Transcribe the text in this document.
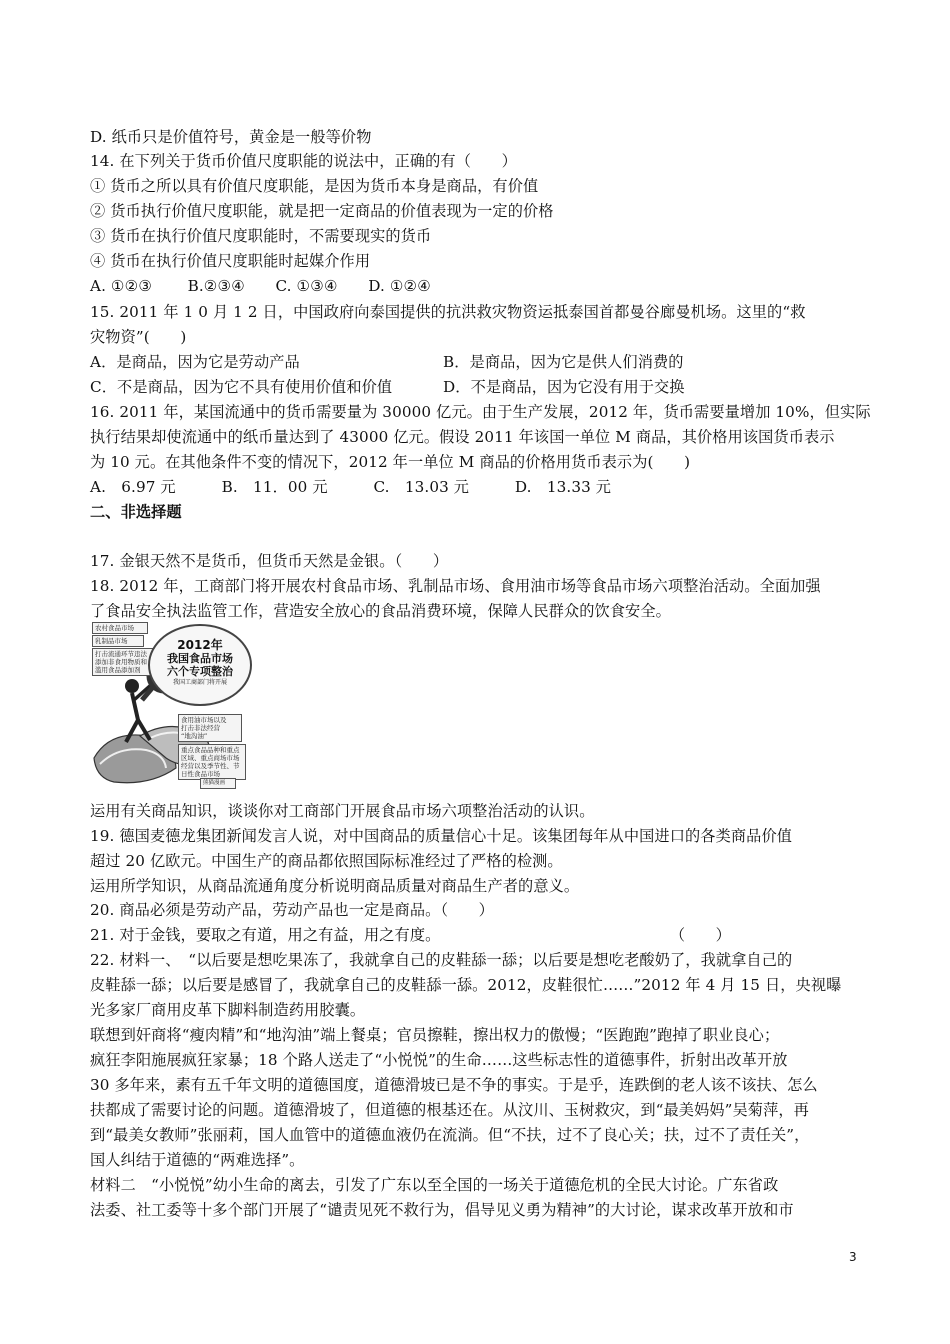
D. 纸币只是价值符号，黄金是一般等价物
14. 在下列关于货币价值尺度职能的说法中，正确的有（　　）
① 货币之所以具有价值尺度职能，是因为货币本身是商品，有价值
② 货币执行价值尺度职能，就是把一定商品的价值表现为一定的价格
③ 货币在执行价值尺度职能时，不需要现实的货币
④ 货币在执行价值尺度职能时起媒介作用
A. ①②③　　 B.②③④　　C. ①③④　　D. ①②④
15. 2011 年 1 0 月 1 2 日，中国政府向泰国提供的抗洪救灾物资运抵泰国首都曼谷廊曼机场。这里的“救
灾物资”(　　)
16. 2011 年，某国流通中的货币需要量为 30000 亿元。由于生产发展，2012 年，货币需要量增加 10%，但实际
执行结果却使流通中的纸币量达到了 43000 亿元。假设 2011 年该国一单位 M 商品，其价格用该国货币表示
为 10 元。在其他条件不变的情况下，2012 年一单位 M 商品的价格用货币表示为(　　)
A.　6.97 元　　　B.　11．00 元　　　C.　13.03 元　　　D.　13.33 元
17. 金银天然不是货币，但货币天然是金银。（　　）
18. 2012 年，工商部门将开展农村食品市场、乳制品市场、食用油市场等食品市场六项整治活动。全面加强
了食品安全执法监管工作，营造安全放心的食品消费环境，保障人民群众的饮食安全。
运用有关商品知识，谈谈你对工商部门开展食品市场六项整治活动的认识。
19. 德国麦德龙集团新闻发言人说，对中国商品的质量信心十足。该集团每年从中国进口的各类商品价值
超过 20 亿欧元。中国生产的商品都依照国际标准经过了严格的检测。
运用所学知识，从商品流通角度分析说明商品质量对商品生产者的意义。
20. 商品必须是劳动产品，劳动产品也一定是商品。（　　）
21. 对于金钱，要取之有道，用之有益，用之有度。　　　　　　　　　　　　　　　　（　　）
22. 材料一、　“以后要是想吃果冻了，我就拿自己的皮鞋舔一舔；以后要是想吃老酸奶了，我就拿自己的
皮鞋舔一舔；以后要是感冒了，我就拿自己的皮鞋舔一舔。2012，皮鞋很忙……”2012 年 4 月 15 日，央视曝
光多家厂商用皮革下脚料制造药用胶囊。
联想到奸商将“瘦肉精”和“地沟油”端上餐桌；官员擦鞋，擦出权力的傲慢；“医跑跑”跑掉了职业良心；
疯狂李阳施展疯狂家暴；18 个路人送走了“小悦悦”的生命……这些标志性的道德事件，折射出改革开放
30 多年来，素有五千年文明的道德国度，道德滑坡已是不争的事实。于是乎，连跌倒的老人该不该扶、怎么
扶都成了需要讨论的问题。道德滑坡了，但道德的根基还在。从汶川、玉树救灾，到“最美妈妈”吴菊萍，再
到“最美女教师”张丽莉，国人血管中的道德血液仍在流淌。但“不扶，过不了良心关；扶，过不了责任关”，
国人纠结于道德的“两难选择”。
材料二　“小悦悦”幼小生命的离去，引发了广东以至全国的一场关于道德危机的全民大讨论。广东省政
法委、社工委等十多个部门开展了“谴责见死不救行为，倡导见义勇为精神”的大讨论，谋求改革开放和市
A．是商品，因为它是劳动产品	B．是商品，因为它是供人们消费的
C．不是商品，因为它不具有使用价值和价值	D．不是商品，因为它没有用于交换
二、非选择题
农村食品市场
乳制品市场
打击流通环节违法
添加非食用物质和
滥用食品添加剂
2012年
我国食品市场
六个专项整治
我国工商部门将开展
食用油市场以及
打击非法经营
“地沟油”
重点食品品种和重点
区域、重点商场市场
经营以及季节性、节
日性食品市场
熊猫漫画
3
